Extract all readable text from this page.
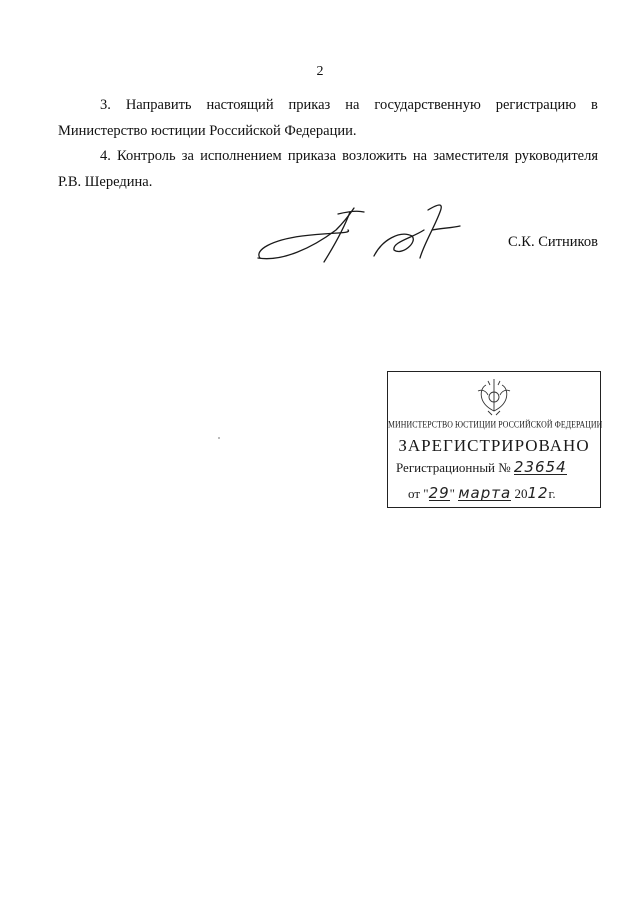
2
3. Направить настоящий приказ на государственную регистрацию в
Министерство юстиции Российской Федерации.
4. Контроль за исполнением приказа возложить на заместителя руководителя
Р.В. Шередина.
С.К. Ситников
МИНИСТЕРСТВО ЮСТИЦИИ РОССИЙСКОЙ ФЕДЕРАЦИИ
ЗАРЕГИСТРИРОВАНО
Регистрационный № 23654
от "29" марта 2012г.
